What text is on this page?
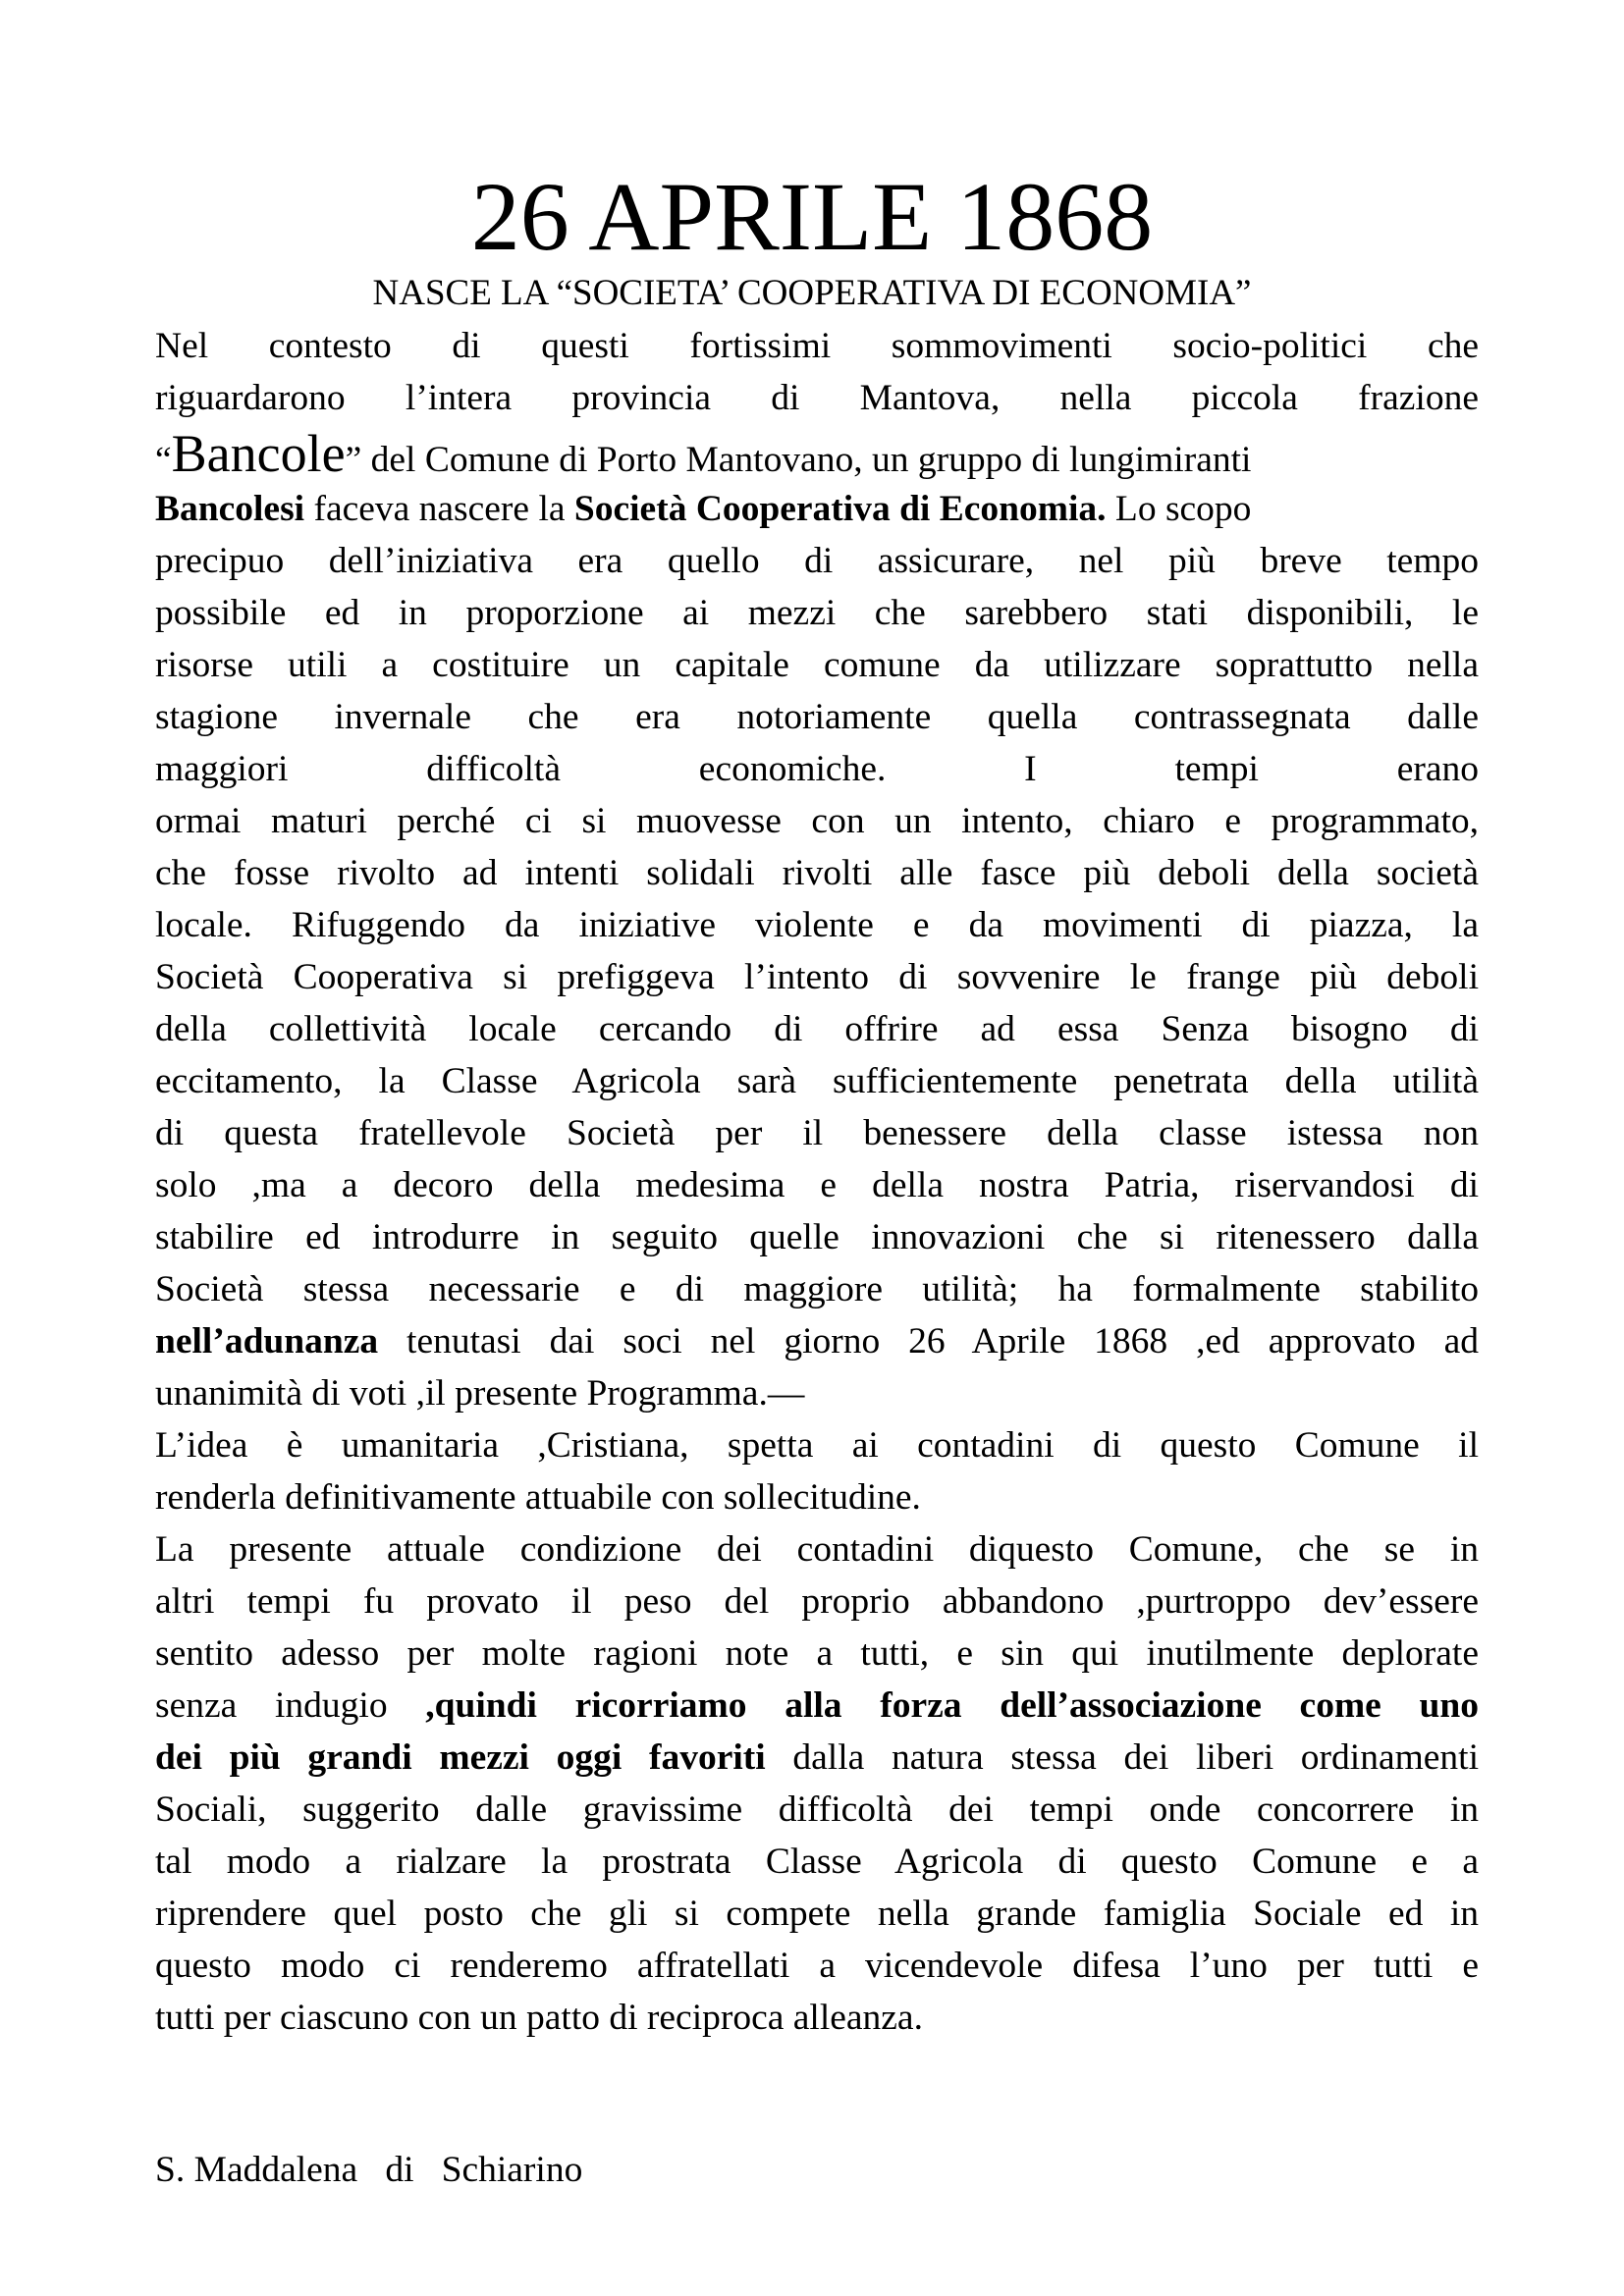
26 APRILE 1868
NASCE LA “SOCIETA’ COOPERATIVA DI ECONOMIA”
Nel contesto di questi fortissimi sommovimenti socio-politici che
riguardarono l’intera provincia di Mantova, nella piccola frazione
“Bancole” del Comune di Porto Mantovano, un gruppo di lungimiranti
Bancolesi faceva nascere la Società Cooperativa di Economia. Lo scopo
precipuo dell’iniziativa era quello di assicurare, nel più breve tempo
possibile ed in proporzione ai mezzi che sarebbero stati disponibili, le
risorse utili a costituire un capitale comune da utilizzare soprattutto nella
stagione invernale che era notoriamente quella contrassegnata dalle
maggiori difficoltà economiche.	I tempi erano
ormai maturi perché ci si muovesse con un intento, chiaro e programmato,
che fosse rivolto ad intenti solidali rivolti alle fasce più deboli della società
locale. Rifuggendo da iniziative violente e da movimenti di piazza, la
Società Cooperativa si prefiggeva l’intento di sovvenire le frange più deboli
della collettività locale cercando di offrire ad essa Senza bisogno di
eccitamento, la Classe Agricola sarà sufficientemente penetrata della utilità
di questa fratellevole Società per il benessere della classe istessa non
solo ,ma a decoro della medesima e della nostra Patria, riservandosi di
stabilire ed introdurre in seguito quelle innovazioni che si ritenessero dalla
Società stessa necessarie e di maggiore utilità; ha formalmente stabilito
nell’adunanza tenutasi dai soci nel giorno 26 Aprile 1868 ,ed approvato ad
unanimità di voti ,il presente Programma.—
L’idea è umanitaria ,Cristiana, spetta ai contadini di questo Comune il
renderla definitivamente attuabile con sollecitudine.
La presente attuale condizione dei contadini diquesto Comune, che se in
altri tempi fu provato il peso del proprio abbandono ,purtroppo dev’essere
sentito adesso per molte ragioni note a tutti, e sin qui inutilmente deplorate
senza indugio ,quindi ricorriamo alla forza dell’associazione come uno
dei più grandi mezzi oggi favoriti dalla natura stessa dei liberi ordinamenti
Sociali, suggerito dalle gravissime difficoltà dei tempi onde concorrere in
tal modo a rialzare la prostrata Classe Agricola di questo Comune e a
riprendere quel posto che gli si compete nella grande famiglia Sociale ed in
questo modo ci renderemo affratellati a vicendevole difesa l’uno per tutti e
tutti per ciascuno con un patto di reciproca alleanza.
S. Maddalena   di   Schiarino
